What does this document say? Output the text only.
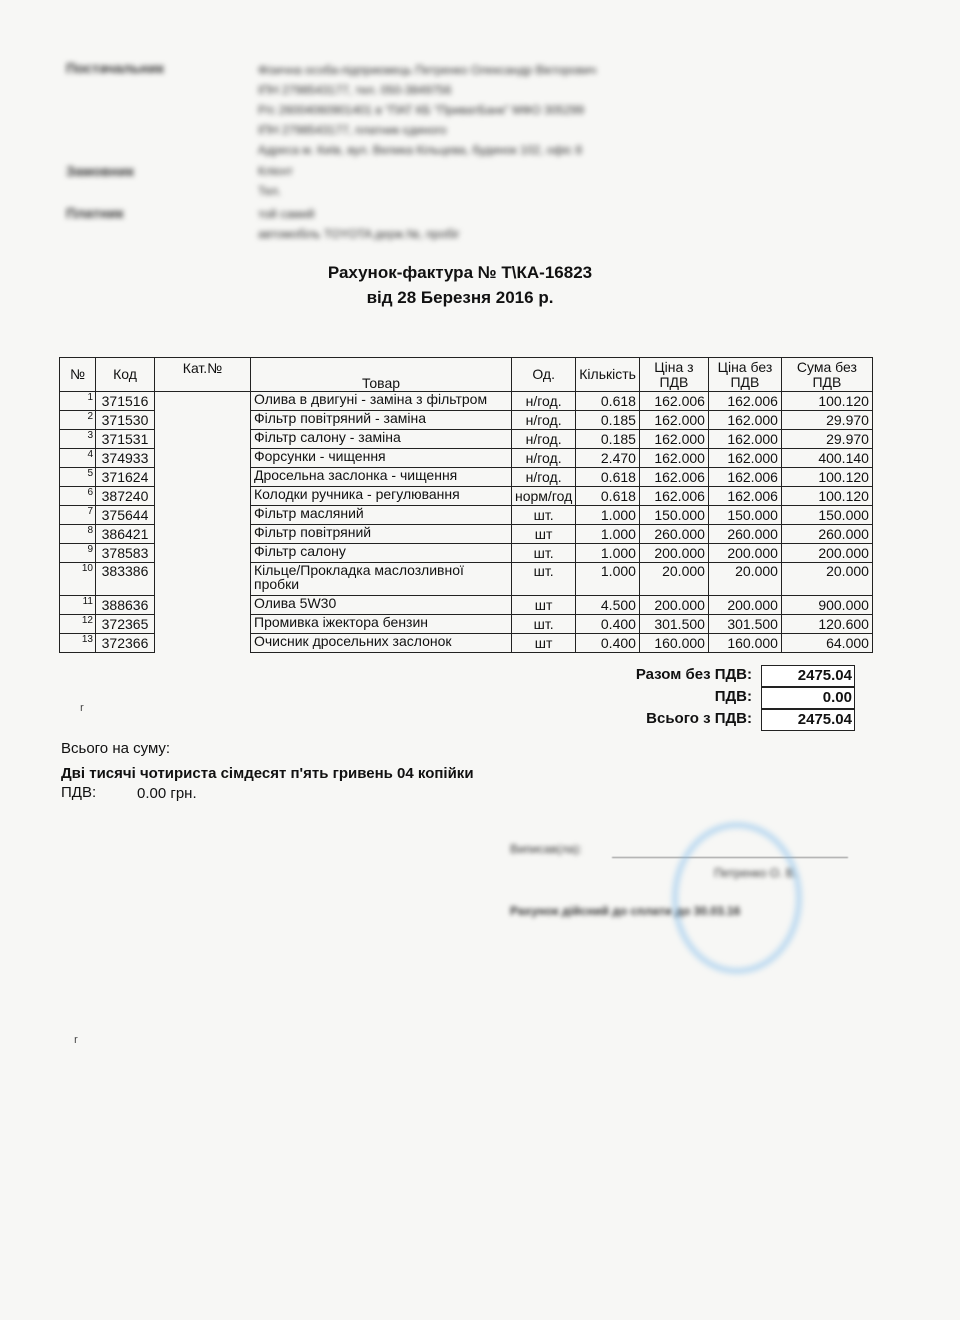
Постачальник	Фізична особа-підприємець Петренко Олександр Вікторович
ІПН 2798543177, тел. 050-3849756
Р/с 26004060901401 в "ПАТ КБ "ПриватБанк" МФО 305299
ІПН 2798543177, платник єдиного
Адреса м. Київ, вул. Велика Кільцева, будинок 102, офіс 8
Замовник	Клієнт
Тел.
Платник	той самий
автомобіль TOYOTA держ.№, пробіг
Рахунок-фактура № Т\КА-16823
від 28 Березня 2016 р.
№	Код	Кат.№	Товар	Од.	Кількість	Ціна з ПДВ	Ціна без ПДВ	Сума без ПДВ
1	371516		Олива в двигуні - заміна з фільтром	н/год.	0.618	162.006	162.006	100.120
2	371530		Фільтр повітряний - заміна	н/год.	0.185	162.000	162.000	29.970
3	371531		Фільтр салону - заміна	н/год.	0.185	162.000	162.000	29.970
4	374933		Форсунки - чищення	н/год.	2.470	162.000	162.000	400.140
5	371624		Дросельна заслонка - чищення	н/год.	0.618	162.006	162.006	100.120
6	387240		Колодки ручника - регулювання	норм/год	0.618	162.006	162.006	100.120
7	375644		Фільтр масляний	шт.	1.000	150.000	150.000	150.000
8	386421		Фільтр повітряний	шт	1.000	260.000	260.000	260.000
9	378583		Фільтр салону	шт.	1.000	200.000	200.000	200.000
10	383386		Кільце/Прокладка маслозливної пробки	шт.	1.000	20.000	20.000	20.000
11	388636		Олива 5W30	шт	4.500	200.000	200.000	900.000
12	372365		Промивка іжектора бензин	шт.	0.400	301.500	301.500	120.600
13	372366		Очисник дросельних заслонок	шт	0.400	160.000	160.000	64.000
Разом без ПДВ:	2475.04
ПДВ:	0.00
Всього з ПДВ:	2475.04
Всього на суму:
Дві тисячі чотириста сімдесят п'ять гривень 04 копійки
ПДВ:	0.00 грн.
Виписав(ла):
Петренко О. В.
Рахунок дійсний до сплати до 30.03.16
ʳ
ʳ
